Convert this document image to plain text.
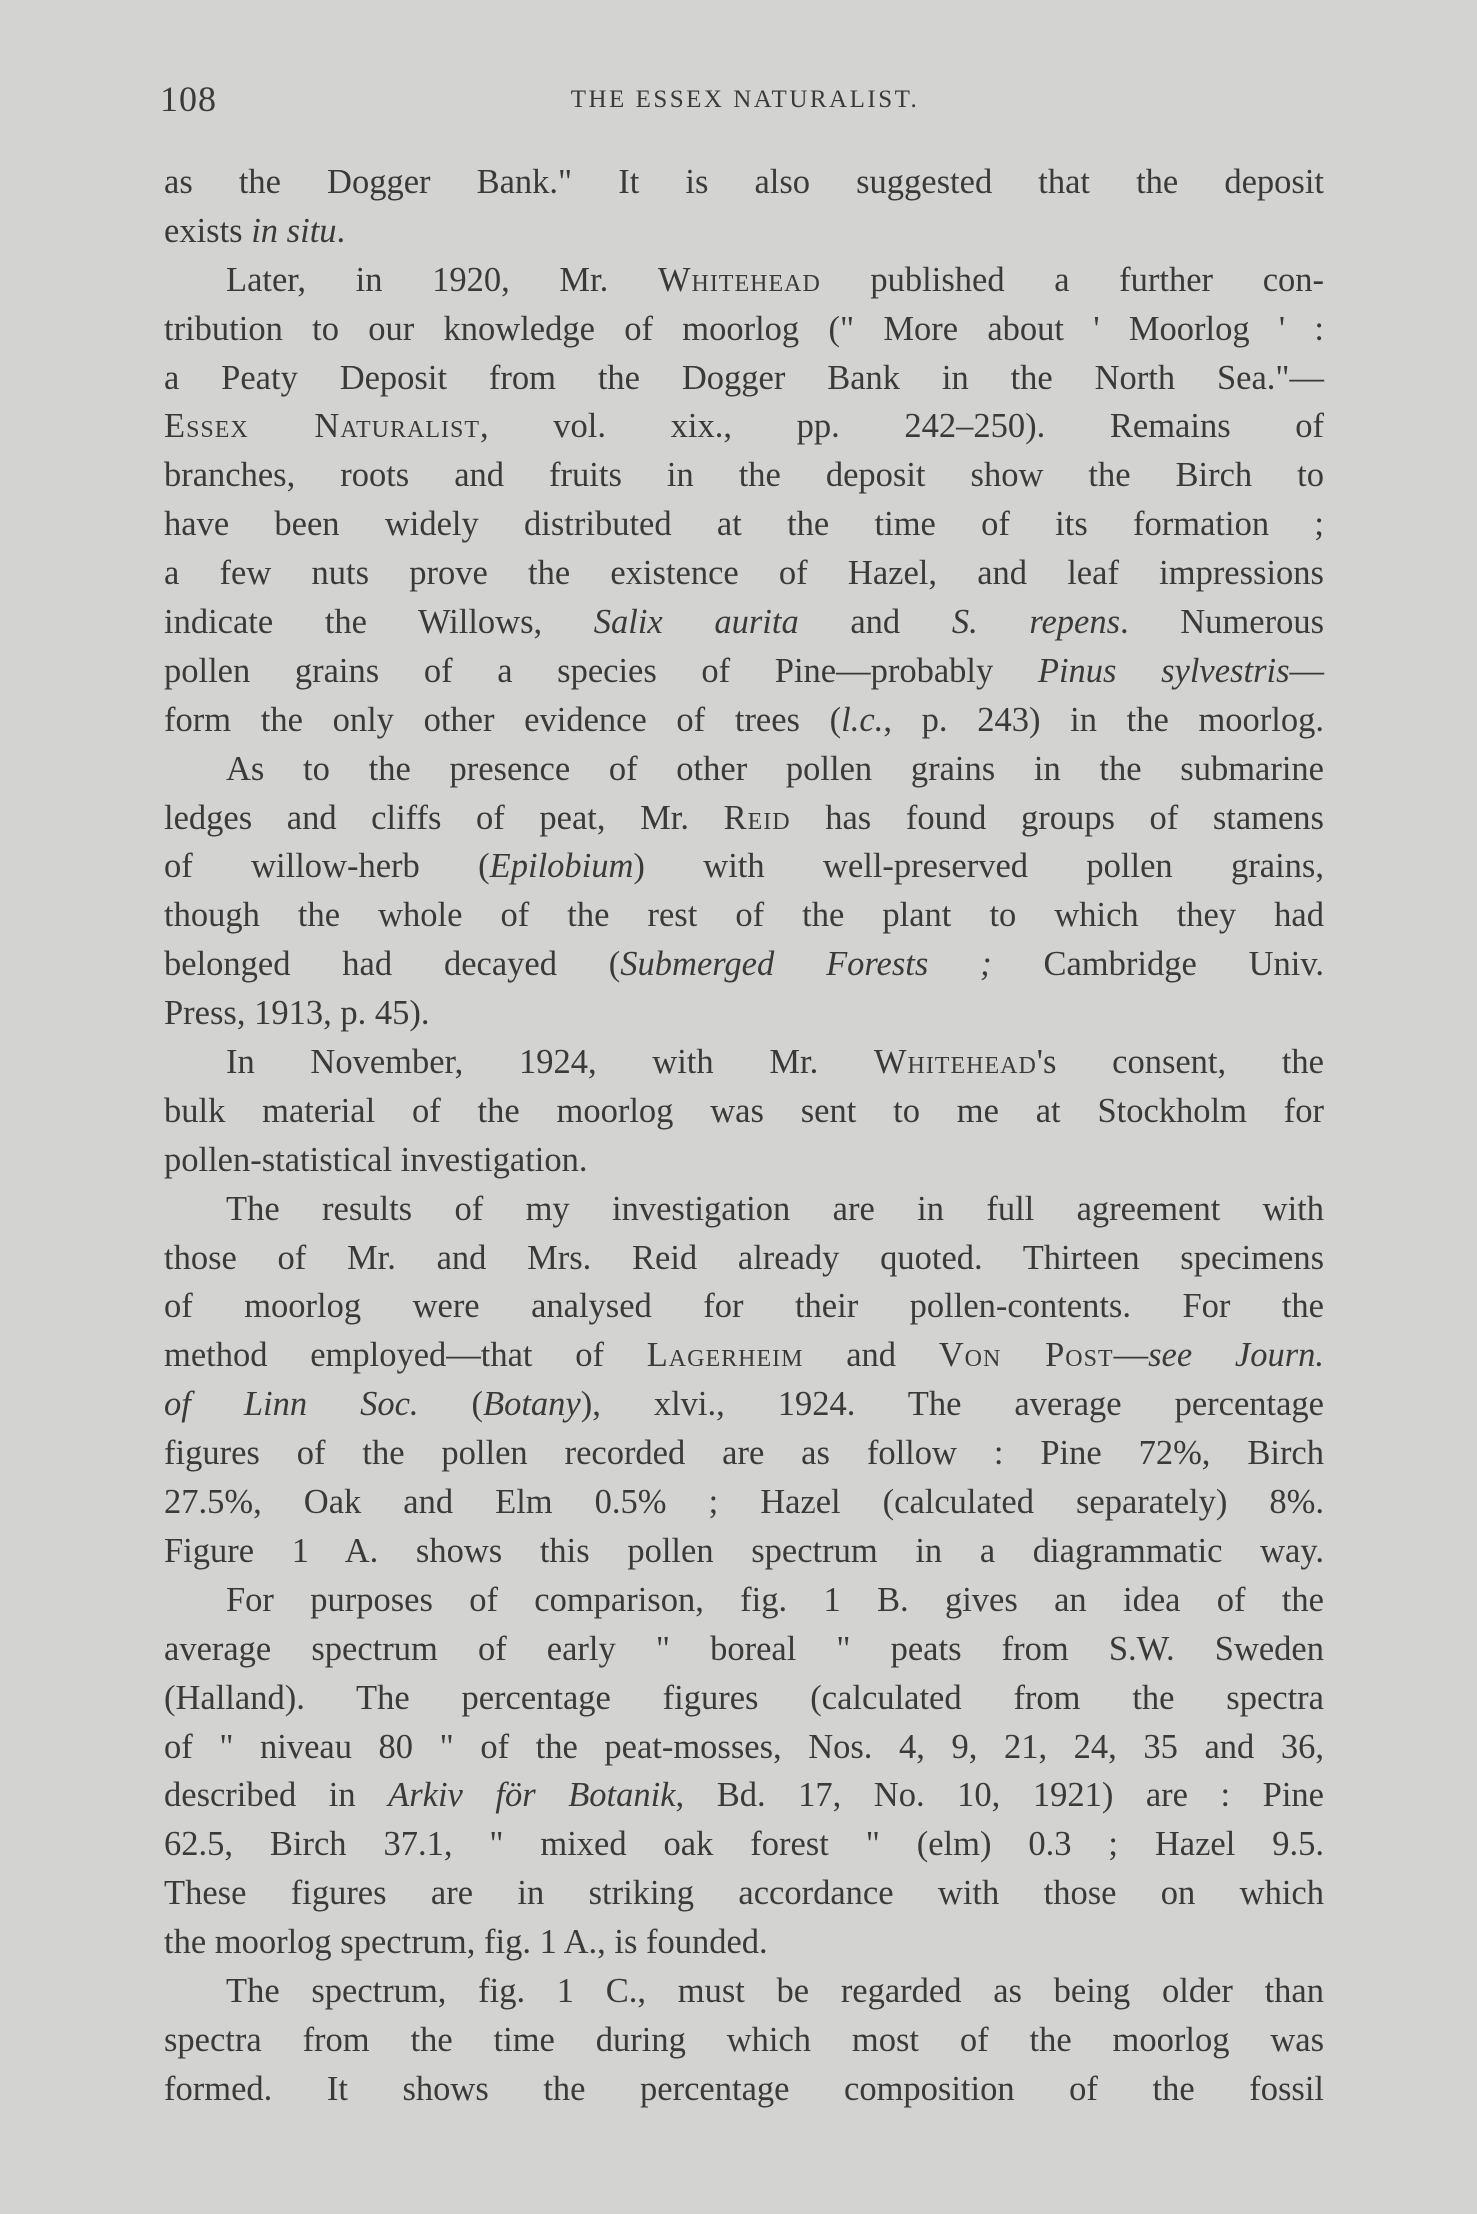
108	THE ESSEX NATURALIST.
as the Dogger Bank." It is also suggested that the deposit
exists in situ.
Later, in 1920, Mr. Whitehead published a further con-
tribution to our knowledge of moorlog (" More about ' Moorlog ' :
a Peaty Deposit from the Dogger Bank in the North Sea."—
Essex Naturalist, vol. xix., pp. 242–250). Remains of
branches, roots and fruits in the deposit show the Birch to
have been widely distributed at the time of its formation ;
a few nuts prove the existence of Hazel, and leaf impressions
indicate the Willows, Salix aurita and S. repens. Numerous
pollen grains of a species of Pine—probably Pinus sylvestris—
form the only other evidence of trees (l.c., p. 243) in the moorlog.
As to the presence of other pollen grains in the submarine
ledges and cliffs of peat, Mr. Reid has found groups of stamens
of willow-herb (Epilobium) with well-preserved pollen grains,
though the whole of the rest of the plant to which they had
belonged had decayed (Submerged Forests ; Cambridge Univ.
Press, 1913, p. 45).
In November, 1924, with Mr. Whitehead's consent, the
bulk material of the moorlog was sent to me at Stockholm for
pollen-statistical investigation.
The results of my investigation are in full agreement with
those of Mr. and Mrs. Reid already quoted. Thirteen specimens
of moorlog were analysed for their pollen-contents. For the
method employed—that of Lagerheim and Von Post—see Journ.
of Linn Soc. (Botany), xlvi., 1924. The average percentage
figures of the pollen recorded are as follow : Pine 72%, Birch
27.5%, Oak and Elm 0.5% ; Hazel (calculated separately) 8%.
Figure 1 A. shows this pollen spectrum in a diagrammatic way.
For purposes of comparison, fig. 1 B. gives an idea of the
average spectrum of early " boreal " peats from S.W. Sweden
(Halland). The percentage figures (calculated from the spectra
of " niveau 80 " of the peat-mosses, Nos. 4, 9, 21, 24, 35 and 36,
described in Arkiv för Botanik, Bd. 17, No. 10, 1921) are : Pine
62.5, Birch 37.1, " mixed oak forest " (elm) 0.3 ; Hazel 9.5.
These figures are in striking accordance with those on which
the moorlog spectrum, fig. 1 A., is founded.
The spectrum, fig. 1 C., must be regarded as being older than
spectra from the time during which most of the moorlog was
formed. It shows the percentage composition of the fossil
